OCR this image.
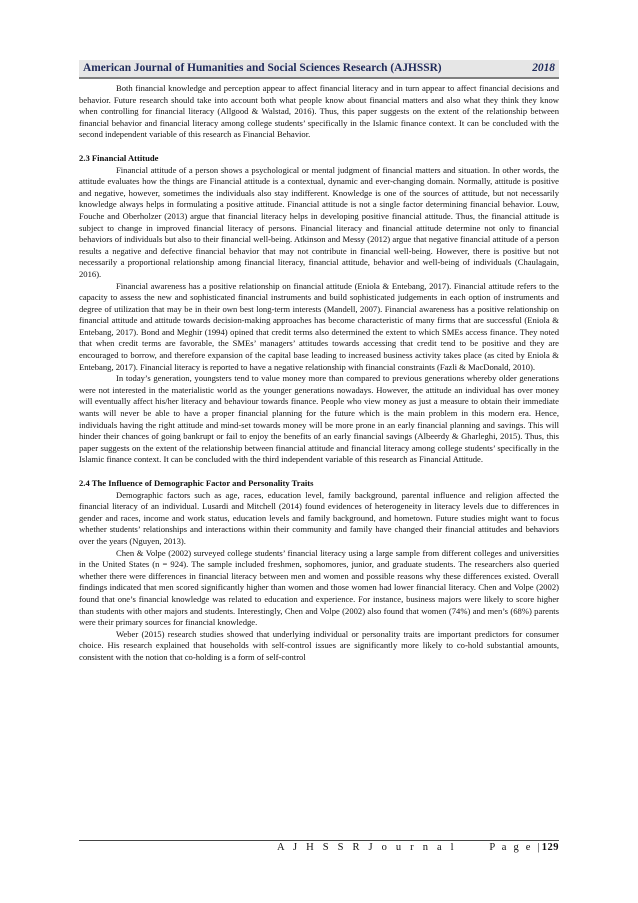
American Journal of Humanities and Social Sciences Research (AJHSSR)	2018

Both financial knowledge and perception appear to affect financial literacy and in turn appear to affect financial decisions and behavior. Future research should take into account both what people know about financial matters and also what they think they know when controlling for financial literacy (Allgood & Walstad, 2016). Thus, this paper suggests on the extent of the relationship between financial behavior and financial literacy among college students’ specifically in the Islamic finance context. It can be concluded with the second independent variable of this research as Financial Behavior.

2.3 Financial Attitude

Financial attitude of a person shows a psychological or mental judgment of financial matters and situation. In other words, the attitude evaluates how the things are Financial attitude is a contextual, dynamic and ever-changing domain. Normally, attitude is positive and negative, however, sometimes the individuals also stay indifferent. Knowledge is one of the sources of attitude, but not necessarily knowledge always helps in formulating a positive attitude. Financial attitude is not a single factor determining financial behavior. Louw, Fouche and Oberholzer (2013) argue that financial literacy helps in developing positive financial attitude. Thus, the financial attitude is subject to change in improved financial literacy of persons. Financial literacy and financial attitude determine not only to financial behaviors of individuals but also to their financial well-being. Atkinson and Messy (2012) argue that negative financial attitude of a person results a negative and defective financial behavior that may not contribute in financial well-being. However, there is positive but not necessarily a proportional relationship among financial literacy, financial attitude, behavior and well-being of individuals (Chaulagain, 2016).

Financial awareness has a positive relationship on financial attitude (Eniola & Entebang, 2017). Financial attitude refers to the capacity to assess the new and sophisticated financial instruments and build sophisticated judgements in each option of instruments and degree of utilization that may be in their own best long-term interests (Mandell, 2007). Financial awareness has a positive relationship on financial attitude and attitude towards decision-making approaches has become characteristic of many firms that are successful (Eniola & Entebang, 2017). Bond and Meghir (1994) opined that credit terms also determined the extent to which SMEs access finance. They noted that when credit terms are favorable, the SMEs’ managers’ attitudes towards accessing that credit tend to be positive and they are encouraged to borrow, and therefore expansion of the capital base leading to increased business activity takes place (as cited by Eniola & Entebang, 2017). Financial literacy is reported to have a negative relationship with financial constraints (Fazli & MacDonald, 2010).

In today’s generation, youngsters tend to value money more than compared to previous generations whereby older generations were not interested in the materialistic world as the younger generations nowadays. However, the attitude an individual has over money will eventually affect his/her literacy and behaviour towards finance. People who view money as just a measure to obtain their immediate wants will never be able to have a proper financial planning for the future which is the main problem in this modern era. Hence, individuals having the right attitude and mind-set towards money will be more prone in an early financial planning and savings. This will hinder their chances of going bankrupt or fail to enjoy the benefits of an early financial savings (Albeerdy & Gharleghi, 2015). Thus, this paper suggests on the extent of the relationship between financial attitude and financial literacy among college students’ specifically in the Islamic finance context. It can be concluded with the third independent variable of this research as Financial Attitude.

2.4 The Influence of Demographic Factor and Personality Traits

Demographic factors such as age, races, education level, family background, parental influence and religion affected the financial literacy of an individual. Lusardi and Mitchell (2014) found evidences of heterogeneity in literacy levels due to differences in gender and races, income and work status, education levels and family background, and hometown. Future studies might want to focus whether students’ relationships and interactions within their community and family have changed their financial attitudes and behaviors over the years (Nguyen, 2013).

Chen & Volpe (2002) surveyed college students’ financial literacy using a large sample from different colleges and universities in the United States (n = 924). The sample included freshmen, sophomores, junior, and graduate students. The researchers also queried whether there were differences in financial literacy between men and women and possible reasons why these differences existed. Overall findings indicated that men scored significantly higher than women and those women had lower financial literacy. Chen and Volpe (2002) found that one’s financial knowledge was related to education and experience. For instance, business majors were likely to score higher than students with other majors and students. Interestingly, Chen and Volpe (2002) also found that women (74%) and men’s (68%) parents were their primary sources for financial knowledge.

Weber (2015) research studies showed that underlying individual or personality traits are important predictors for consumer choice. His research explained that households with self-control issues are significantly more likely to co-hold substantial amounts, consistent with the notion that co-holding is a form of self-control

A J H S S R J o u r n a l	P a g e |129
